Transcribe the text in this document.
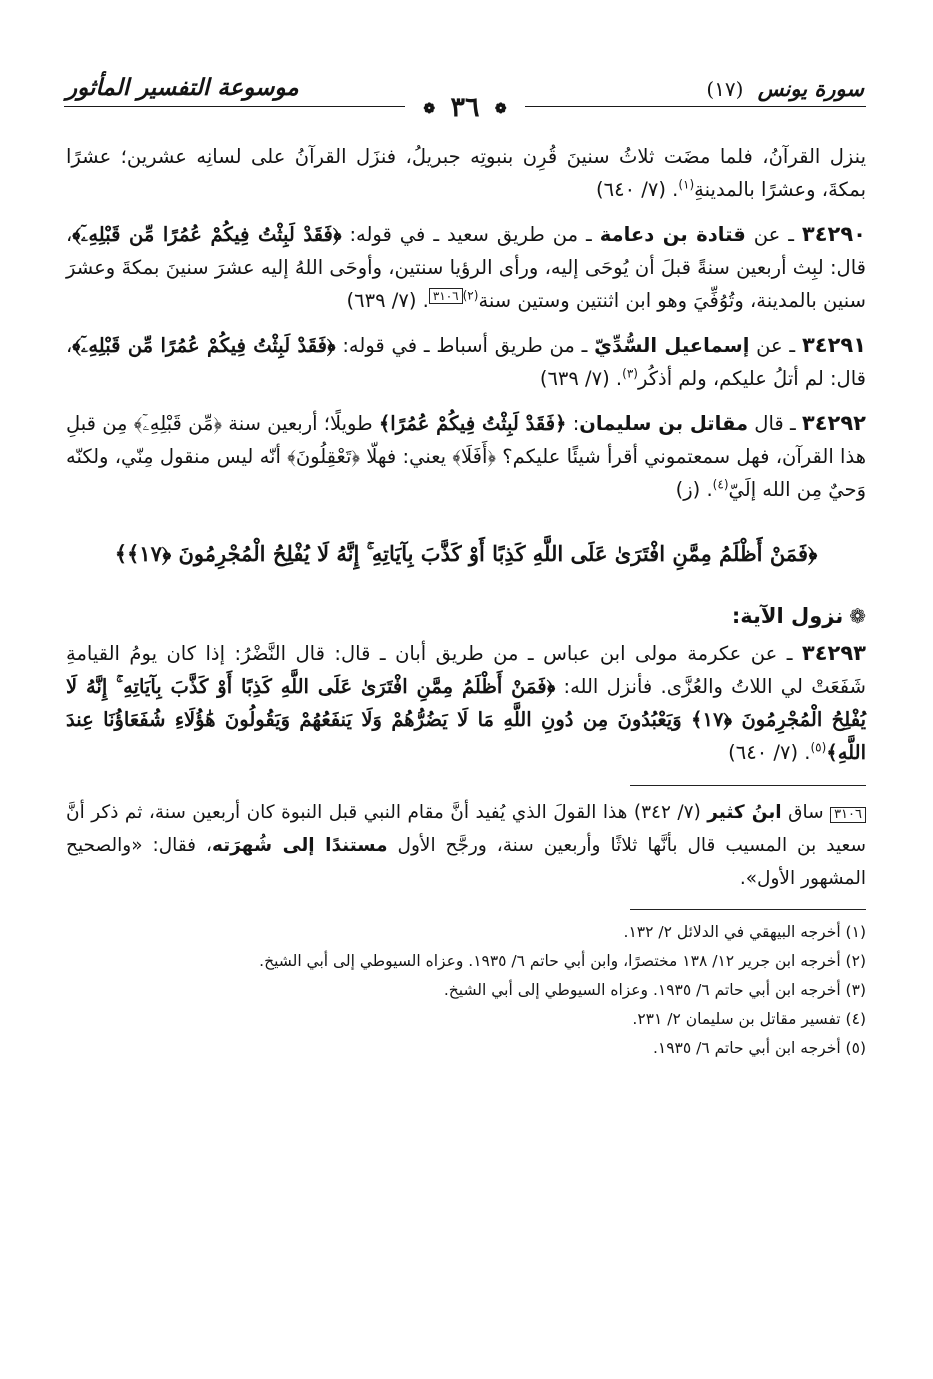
موسوعة التفسير المأثور	سورة يونس (١٧)
❁ ٣٦ ❁
ينزل القرآنُ، فلما مضَت ثلاثُ سنينَ قُرِن بنبوتِه جبريلُ، فنزَل القرآنُ على لسانِه عشرين؛ عشرًا بمكةَ، وعشرًا بالمدينةِ$^{(١)}$. (٧/ ٦٤٠)
٣٤٢٩٠ ـ عن قتادة بن دعامة ـ من طريق سعيد ـ في قوله: ﴿فَقَدْ لَبِثْتُ فِيكُمْ عُمُرًا مِّن قَبْلِهِۦٓ﴾، قال: لبِث أربعين سنةً قبلَ أن يُوحَى إليه، ورأى الرؤيا سنتين، وأوحَى اللهُ إليه عشرَ سنينَ بمكةَ وعشرَ سنين بالمدينة، وتُوُفِّيَ وهو ابن اثنتين وستين سنة$^{(٢)}$٣١٠٦. (٧/ ٦٣٩)
٣٤٢٩١ ـ عن إسماعيل السُّدِّيّ ـ من طريق أسباط ـ في قوله: ﴿فَقَدْ لَبِثْتُ فِيكُمْ عُمُرًا مِّن قَبْلِهِۦٓ﴾، قال: لم أتلُ عليكم، ولم أذكُر$^{(٣)}$. (٧/ ٦٣٩)
٣٤٢٩٢ ـ قال مقاتل بن سليمان: ﴿فَقَدْ لَبِثْتُ فِيكُمْ عُمُرًا﴾ طويلًا؛ أربعين سنة ﴿مِّن قَبْلِهِۦٓ﴾ مِن قبلِ هذا القرآن، فهل سمعتموني أقرأ شيئًا عليكم؟ ﴿أَفَلَا﴾ يعني: فهلّا ﴿تَعْقِلُونَ﴾ أنّه ليس منقول مِنّي، ولكنّه وَحيٌ مِن الله إلَيّ$^{(٤)}$. (ز)
﴿فَمَنْ أَظْلَمُ مِمَّنِ افْتَرَىٰ عَلَى اللَّهِ كَذِبًا أَوْ كَذَّبَ بِآيَاتِهِ ۚ إِنَّهُ لَا يُفْلِحُ الْمُجْرِمُونَ ﴿١٧﴾﴾
❁نزول الآية:
٣٤٢٩٣ ـ عن عكرمة مولى ابن عباس ـ من طريق أبان ـ قال: قال النَّضْرُ: إذا كان يومُ القيامةِ شَفَعَتْ لي اللاتُ والعُزَّى. فأنزل الله: ﴿فَمَنْ أَظْلَمُ مِمَّنِ افْتَرَىٰ عَلَى اللَّهِ كَذِبًا أَوْ كَذَّبَ بِآيَاتِهِ ۚ إِنَّهُ لَا يُفْلِحُ الْمُجْرِمُونَ ﴿١٧﴾ وَيَعْبُدُونَ مِن دُونِ اللَّهِ مَا لَا يَضُرُّهُمْ وَلَا يَنفَعُهُمْ وَيَقُولُونَ هَٰؤُلَاءِ شُفَعَاؤُنَا عِندَ اللَّهِ﴾$^{(٥)}$. (٧/ ٦٤٠)
٣١٠٦ ساق ابنُ كثير (٧/ ٣٤٢) هذا القولَ الذي يُفيد أنَّ مقام النبي قبل النبوة كان أربعين سنة، ثم ذكر أنَّ سعيد بن المسيب قال بأنَّها ثلاثًا وأربعين سنة، ورجَّح الأول مستندًا إلى شُهرَته، فقال: «والصحيح المشهور الأول».

(١) أخرجه البيهقي في الدلائل ٢/ ١٣٢.

(٢) أخرجه ابن جرير ١٢/ ١٣٨ مختصرًا، وابن أبي حاتم ٦/ ١٩٣٥. وعزاه السيوطي إلى أبي الشيخ.

(٣) أخرجه ابن أبي حاتم ٦/ ١٩٣٥. وعزاه السيوطي إلى أبي الشيخ.

(٤) تفسير مقاتل بن سليمان ٢/ ٢٣١.

(٥) أخرجه ابن أبي حاتم ٦/ ١٩٣٥.
